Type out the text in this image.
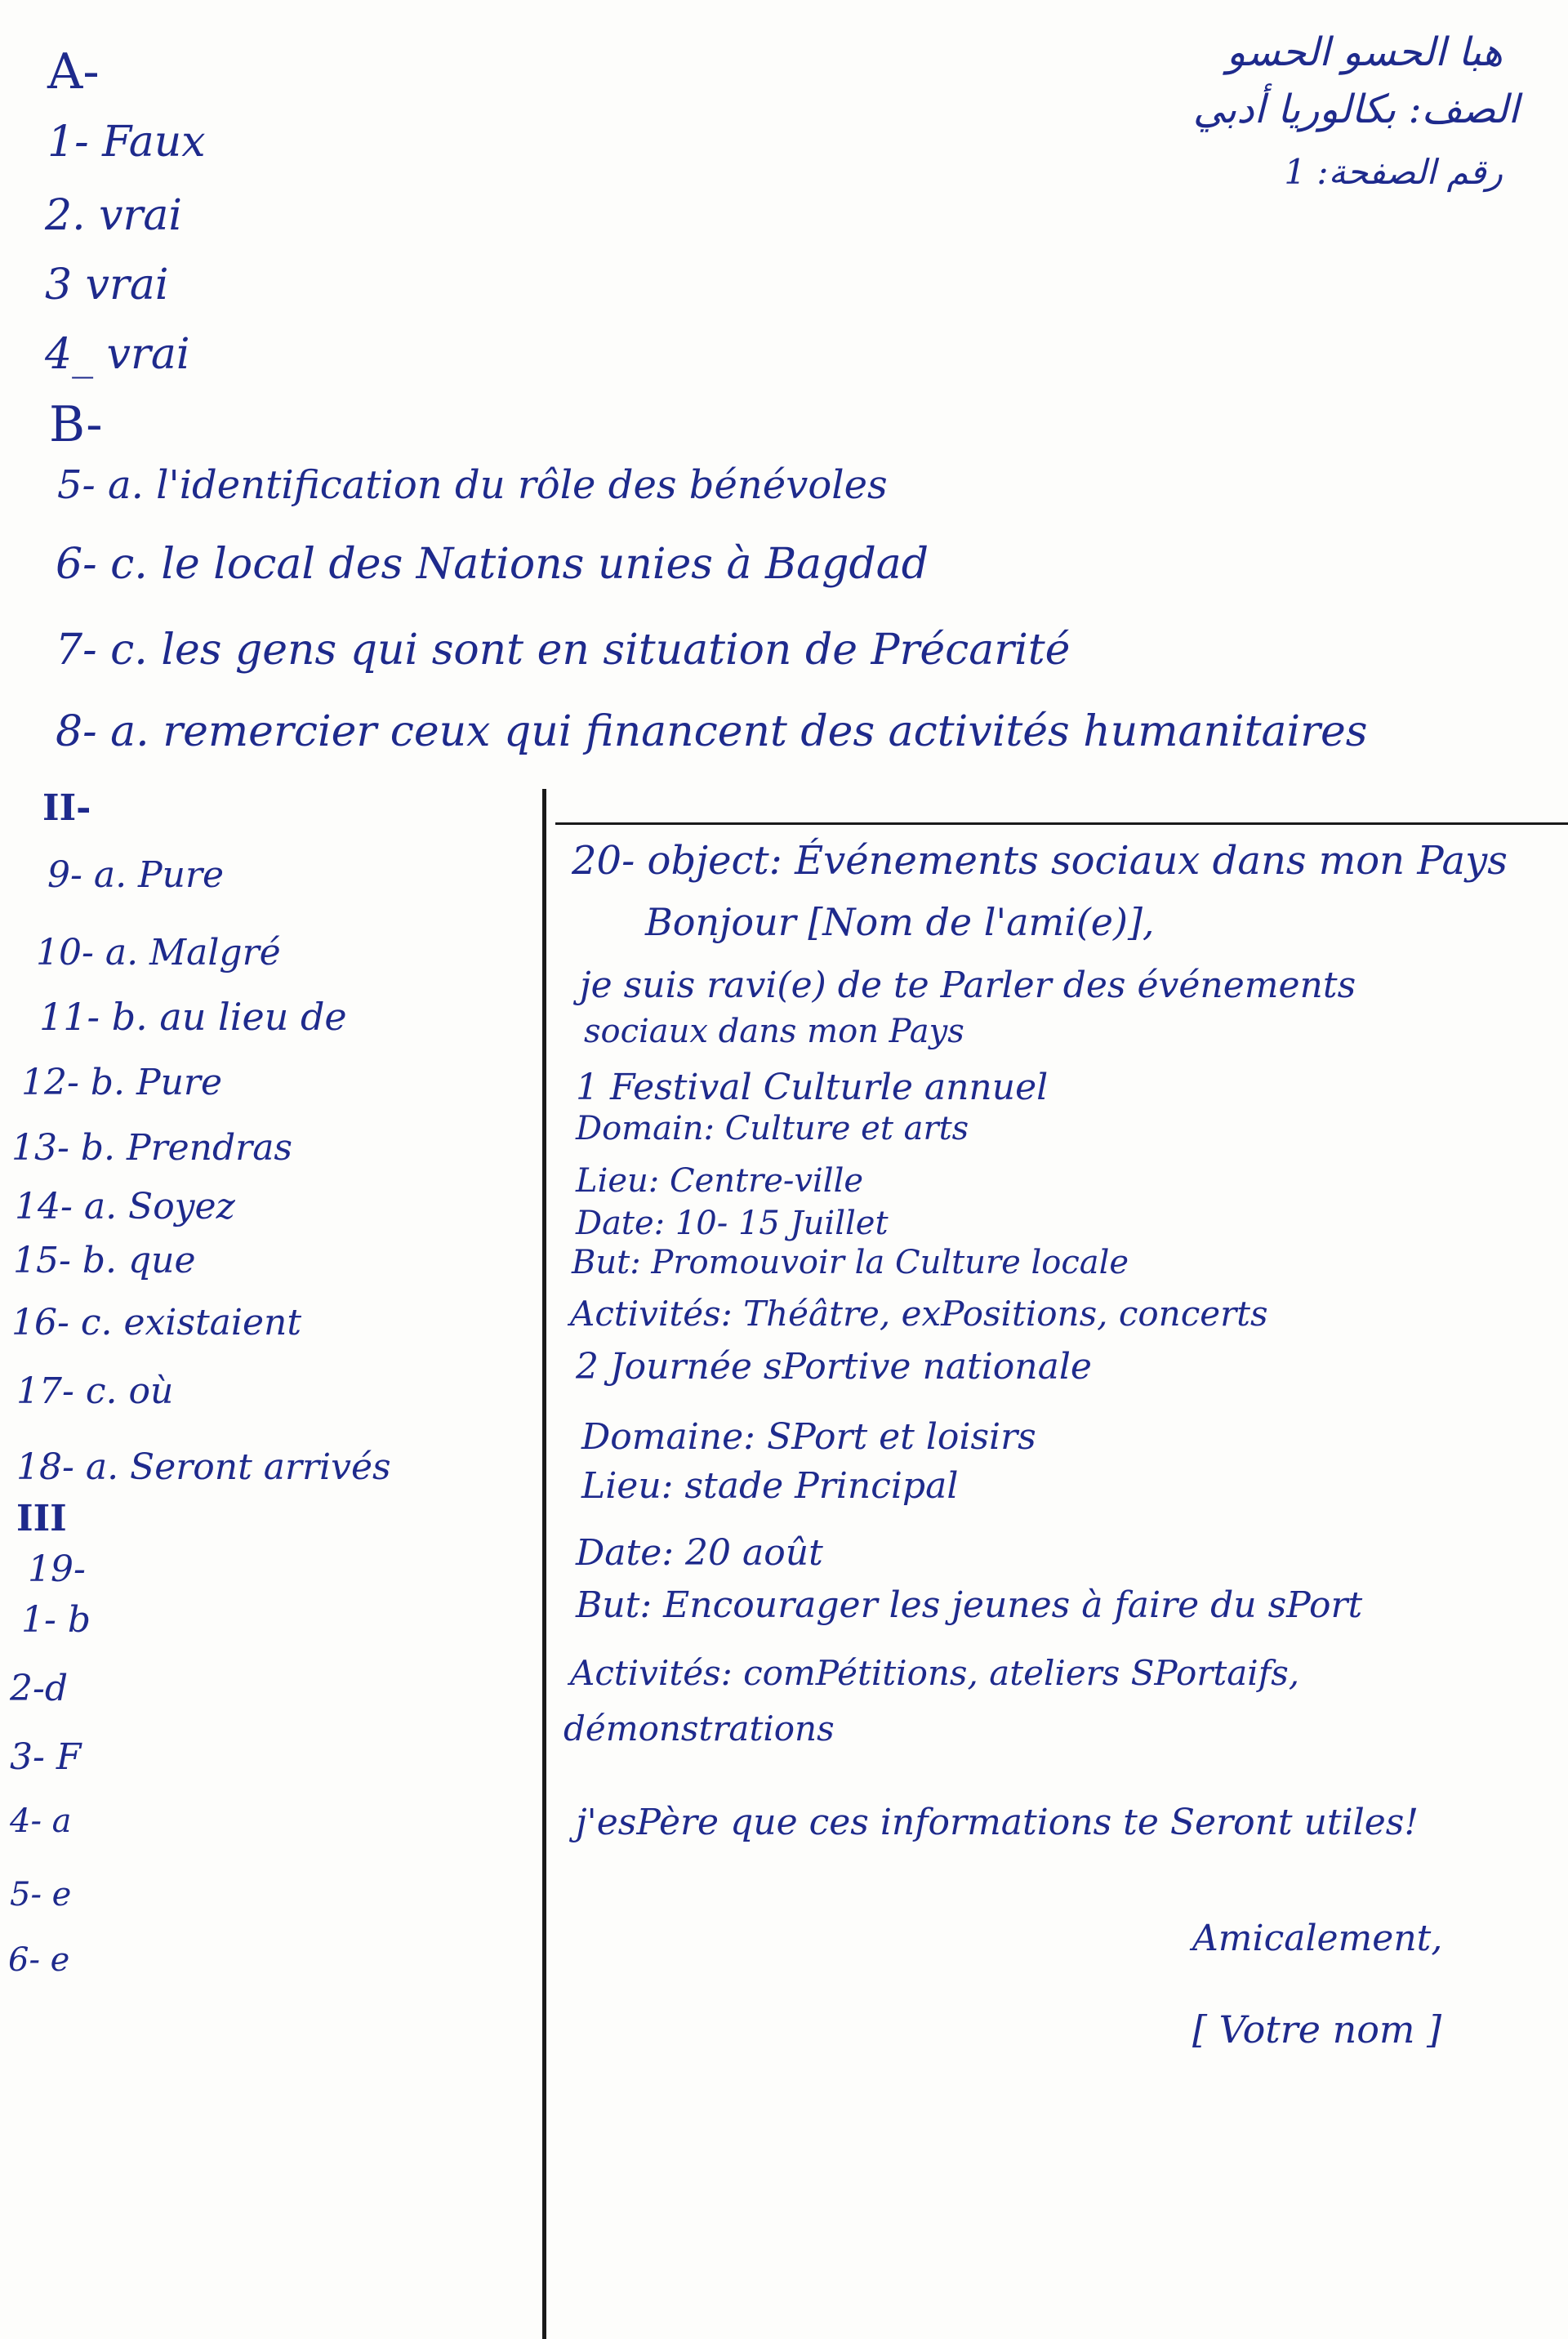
هبا الحسو الحسو
الصف: بكالوريا أدبي
رقم الصفحة: 1
A-
1- Faux
2. vrai
3 vrai
4_ vrai
B-
5- a. l'identification du rôle des bénévoles
6- c. le local des Nations unies à Bagdad
7- c. les gens qui sont en situation de Précarité
8- a. remercier ceux qui financent des activités humanitaires
II-
9- a. Pure
10- a. Malgré
11- b. au lieu de
12- b. Pure
13- b. Prendras
14- a. Soyez
15- b. que
16- c. existaient
17- c. où
18- a. Seront arrivés
III
19-
1- b
2-d
3- F
4- a
5- e
6- e
20- object: Événements sociaux dans mon Pays
Bonjour [Nom de l'ami(e)],
je suis ravi(e) de te Parler des événements
sociaux dans mon Pays
1 Festival Culturle annuel
Domain: Culture et arts
Lieu: Centre-ville
Date: 10- 15 Juillet
But: Promouvoir la Culture locale
Activités: Théâtre, exPositions, concerts
2 Journée sPortive nationale
Domaine: SPort et loisirs
Lieu: stade Principal
Date: 20 août
But: Encourager les jeunes à faire du sPort
Activités: comPétitions, ateliers SPortaifs,
démonstrations
j'esPère que ces informations te Seront utiles!
Amicalement,
[ Votre nom ]
